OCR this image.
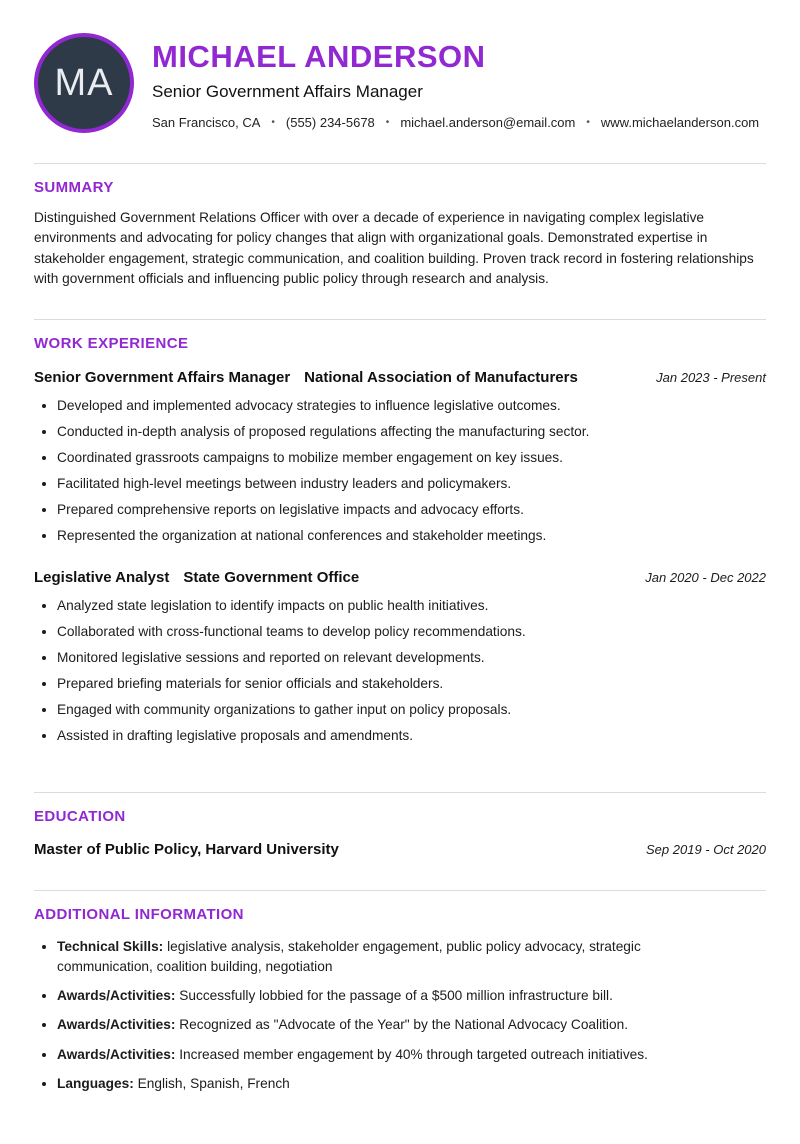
MA
MICHAEL ANDERSON
Senior Government Affairs Manager
San Francisco, CA • (555) 234-5678 • michael.anderson@email.com
• www.michaelanderson.com
SUMMARY

Distinguished Government Relations Officer with over a decade of experience in navigating complex legislative environments and advocating for policy changes that align with organizational goals. Demonstrated expertise in stakeholder engagement, strategic communication, and coalition building. Proven track record in fostering relationships with government officials and influencing public policy through research and analysis.

WORK EXPERIENCE
Senior Government Affairs Manager National Association of Manufacturers	Jan 2023 - Present
• Developed and implemented advocacy strategies to influence legislative outcomes.
• Conducted in-depth analysis of proposed regulations affecting the manufacturing sector.
• Coordinated grassroots campaigns to mobilize member engagement on key issues.
• Facilitated high-level meetings between industry leaders and policymakers.
• Prepared comprehensive reports on legislative impacts and advocacy efforts.
• Represented the organization at national conferences and stakeholder meetings.
Legislative Analyst State Government Office	Jan 2020 - Dec 2022
• Analyzed state legislation to identify impacts on public health initiatives.
• Collaborated with cross-functional teams to develop policy recommendations.
• Monitored legislative sessions and reported on relevant developments.
• Prepared briefing materials for senior officials and stakeholders.
• Engaged with community organizations to gather input on policy proposals.
• Assisted in drafting legislative proposals and amendments.
EDUCATION
Master of Public Policy, Harvard University	Sep 2019 - Oct 2020
ADDITIONAL INFORMATION
• Technical Skills: legislative analysis, stakeholder engagement, public policy advocacy, strategic communication, coalition building, negotiation
• Awards/Activities: Successfully lobbied for the passage of a $500 million infrastructure bill.
• Awards/Activities: Recognized as "Advocate of the Year" by the National Advocacy Coalition.
• Awards/Activities: Increased member engagement by 40% through targeted outreach initiatives.
• Languages: English, Spanish, French
